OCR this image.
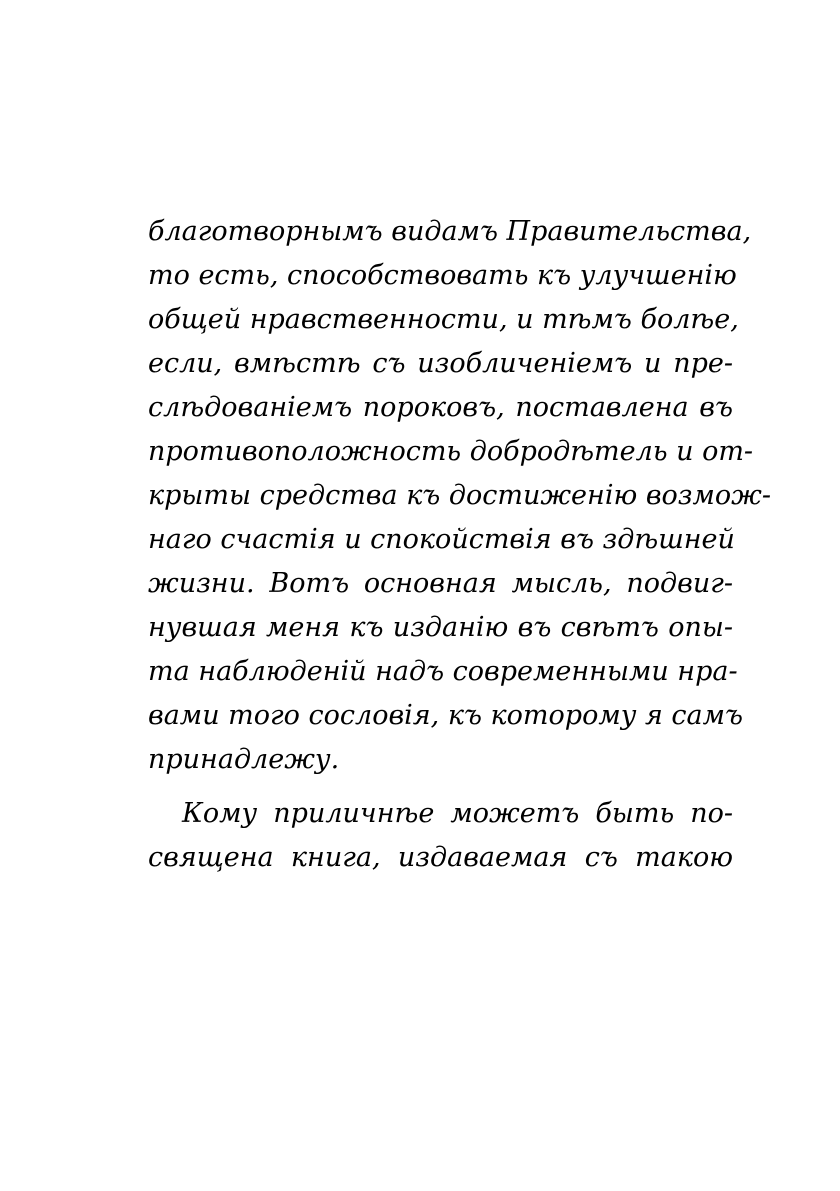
благотворнымъ видамъ Правительства,
то есть, способствовать къ улучшенію
общей нравственности, и тѣмъ болѣе,
если, вмѣстѣ съ изобличеніемъ и пре-
слѣдованіемъ пороковъ, поставлена въ
противоположность добродѣтель и от-
крыты средства къ достиженію возмож-
наго счастія и спокойствія въ здѣшней
жизни. Вотъ основная мысль, подвиг-
нувшая меня къ изданію въ свѣтъ опы-
та наблюденій надъ современными нра-
вами того сословія, къ которому я самъ
принадлежу.
Кому приличнѣе можетъ быть по-
священа книга, издаваемая съ такою
